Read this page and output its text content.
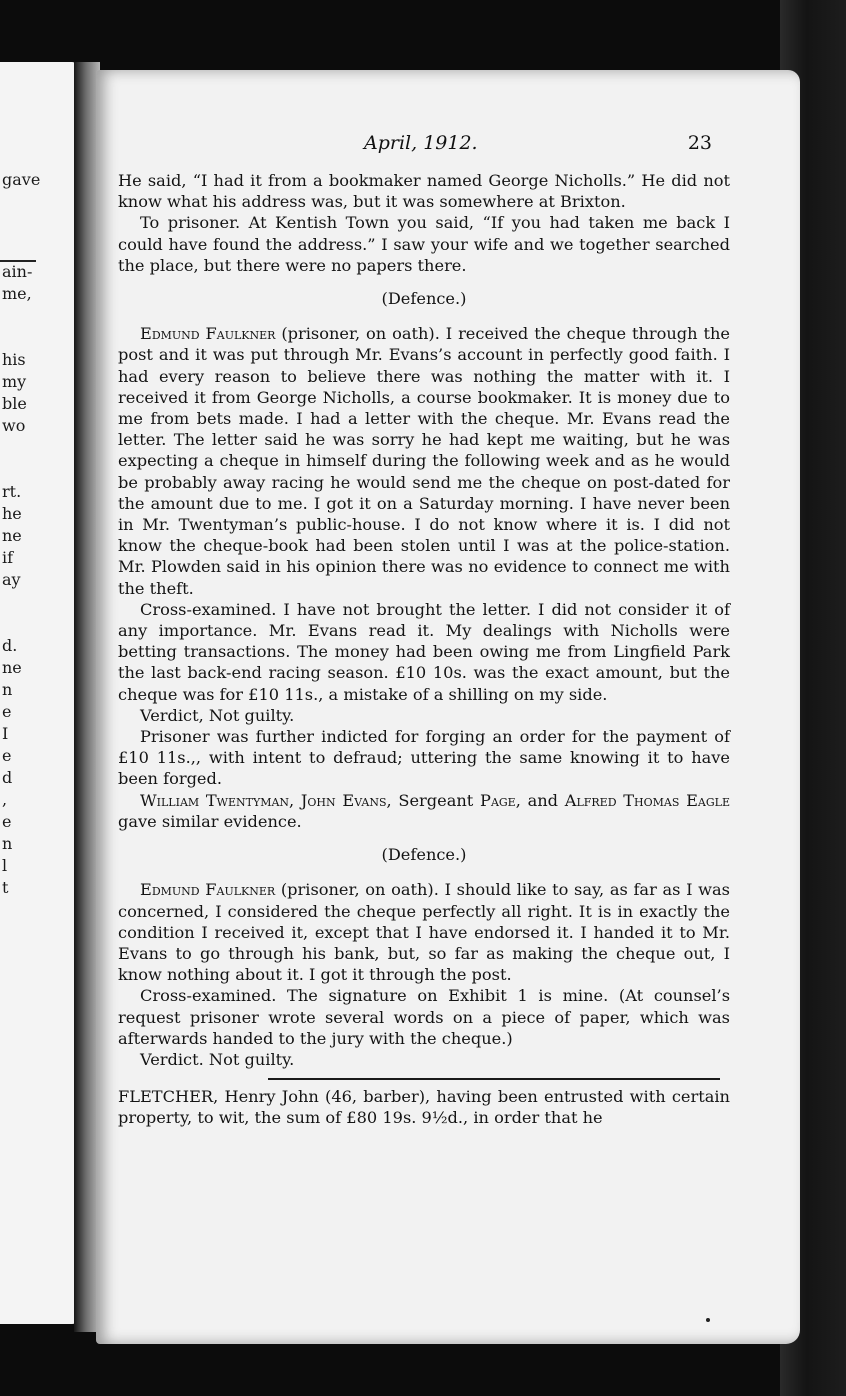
gave
ain-
me,
his
my
ble
wo
rt.
he
ne
if
ay
d.
ne
n
e
I
e
d
,
e
n
l
t
April, 1912.	23

He said, “I had it from a bookmaker named George Nicholls.” He did not know what his address was, but it was somewhere at Brixton.

To prisoner. At Kentish Town you said, “If you had taken me back I could have found the address.” I saw your wife and we together searched the place, but there were no papers there.

(Defence.)

Edmund Faulkner (prisoner, on oath). I received the cheque through the post and it was put through Mr. Evans’s account in perfectly good faith. I had every reason to believe there was nothing the matter with it. I received it from George Nicholls, a course bookmaker. It is money due to me from bets made. I had a letter with the cheque. Mr. Evans read the letter. The letter said he was sorry he had kept me waiting, but he was expecting a cheque in himself during the following week and as he would be probably away racing he would send me the cheque on post-dated for the amount due to me. I got it on a Saturday morning. I have never been in Mr. Twentyman’s public-house. I do not know where it is. I did not know the cheque-book had been stolen until I was at the police-station. Mr. Plowden said in his opinion there was no evidence to connect me with the theft.

Cross-examined. I have not brought the letter. I did not consider it of any importance. Mr. Evans read it. My dealings with Nicholls were betting transactions. The money had been owing me from Lingfield Park the last back-end racing season. £10 10s. was the exact amount, but the cheque was for £10 11s., a mistake of a shilling on my side.

Verdict, Not guilty.

Prisoner was further indicted for forging an order for the payment of £10 11s.,, with intent to defraud; uttering the same knowing it to have been forged.

William Twentyman, John Evans, Sergeant Page, and Alfred Thomas Eagle gave similar evidence.

(Defence.)

Edmund Faulkner (prisoner, on oath). I should like to say, as far as I was concerned, I considered the cheque perfectly all right. It is in exactly the condition I received it, except that I have endorsed it. I handed it to Mr. Evans to go through his bank, but, so far as making the cheque out, I know nothing about it. I got it through the post.

Cross-examined. The signature on Exhibit 1 is mine. (At counsel’s request prisoner wrote several words on a piece of paper, which was afterwards handed to the jury with the cheque.)

Verdict. Not guilty.

FLETCHER, Henry John (46, barber), having been entrusted with certain property, to wit, the sum of £80 19s. 9½d., in order that he
